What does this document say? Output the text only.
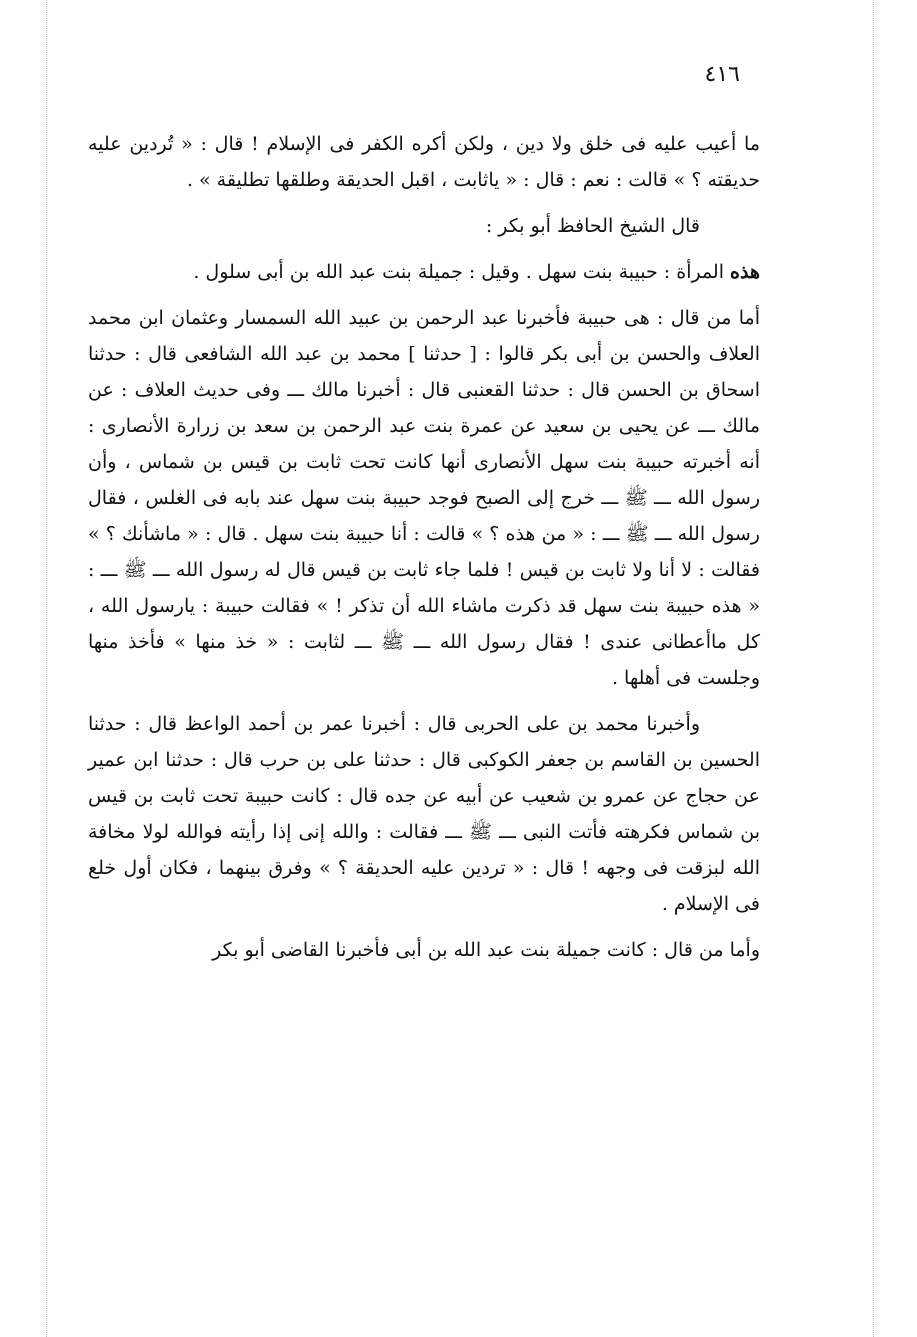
٤١٦

ما أعيب عليه فى خلق ولا دين ، ولكن أكره الكفر فى الإسلام ! قال : « تُردين عليه حديقته ؟ » قالت : نعم : قال : « ياثابت ، اقبل الحديقة وطلقها تطليقة » .

قال الشيخ الحافظ أبو بكر :

هذه المرأة : حبيبة بنت سهل . وقيل : جميلة بنت عبد الله بن أبى سلول .

أما من قال : هى حبيبة فأخبرنا عبد الرحمن بن عبيد الله السمسار وعثمان ابن محمد العلاف والحسن بن أبى بكر قالوا : [ حدثنا ] محمد بن عبد الله الشافعى قال : حدثنا اسحاق بن الحسن قال : حدثنا القعنبى قال : أخبرنا مالك ـــ وفى حديث العلاف : عن مالك ـــ عن يحيى بن سعيد عن عمرة بنت عبد الرحمن بن سعد بن زرارة الأنصارى : أنه أخبرته حبيبة بنت سهل الأنصارى أنها كانت تحت ثابت بن قيس بن شماس ، وأن رسول الله ـــ ﷺ ـــ خرج إلى الصبح فوجد حبيبة بنت سهل عند بابه فى الغلس ، فقال رسول الله ـــ ﷺ ـــ : « من هذه ؟ » قالت : أنا حبيبة بنت سهل . قال : « ماشأنك ؟ » فقالت : لا أنا ولا ثابت بن قيس ! فلما جاء ثابت بن قيس قال له رسول الله ـــ ﷺ ـــ : « هذه حبيبة بنت سهل قد ذكرت ماشاء الله أن تذكر ! » فقالت حبيبة : يارسول الله ، كل ماأعطانى عندى ! فقال رسول الله ـــ ﷺ ـــ لثابت : « خذ منها » فأخذ منها وجلست فى أهلها .

وأخبرنا محمد بن على الحربى قال : أخبرنا عمر بن أحمد الواعظ قال : حدثنا الحسين بن القاسم بن جعفر الكوكبى قال : حدثنا على بن حرب قال : حدثنا ابن عمير عن حجاج عن عمرو بن شعيب عن أبيه عن جده قال : كانت حبيبة تحت ثابت بن قيس بن شماس فكرهته فأتت النبى ـــ ﷺ ـــ فقالت : والله إنى إذا رأيته فوالله لولا مخافة الله لبزقت فى وجهه ! قال : « تردين عليه الحديقة ؟ » وفرق بينهما ، فكان أول خلع فى الإسلام .

وأما من قال : كانت جميلة بنت عبد الله بن أبى فأخبرنا القاضى أبو بكر
